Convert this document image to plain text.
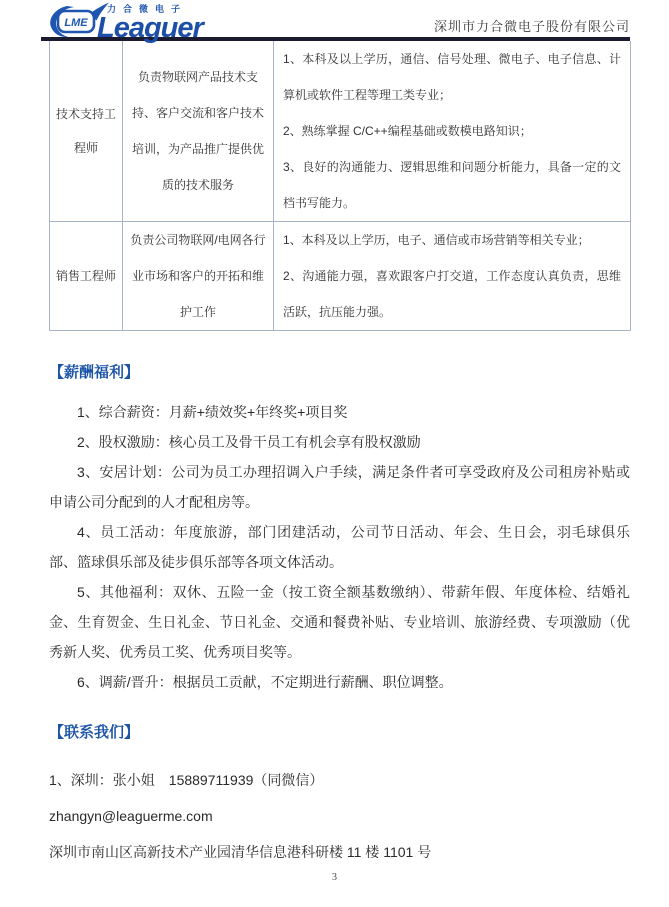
LME
力合微电子
Leaguer	深圳市力合微电子股份有限公司
技术支持工程师	负责物联网产品技术支持、客户交流和客户技术培训，为产品推广提供优质的技术服务	1、本科及以上学历，通信、信号处理、微电子、电子信息、计算机或软件工程等理工类专业；

2、熟练掌握 C/C++编程基础或数模电路知识；

3、良好的沟通能力、逻辑思维和问题分析能力，具备一定的文档书写能力。

销售工程师	负责公司物联网/电网各行业市场和客户的开拓和维护工作	1、本科及以上学历，电子、通信或市场营销等相关专业；

2、沟通能力强，喜欢跟客户打交道，工作态度认真负责，思维活跃，抗压能力强。

【薪酬福利】

1、综合薪资：月薪+绩效奖+年终奖+项目奖

2、股权激励：核心员工及骨干员工有机会享有股权激励

3、安居计划：公司为员工办理招调入户手续，满足条件者可享受政府及公司租房补贴或申请公司分配到的人才配租房等。

4、员工活动：年度旅游，部门团建活动，公司节日活动、年会、生日会，羽毛球俱乐部、篮球俱乐部及徒步俱乐部等各项文体活动。

5、其他福利：双休、五险一金（按工资全额基数缴纳）、带薪年假、年度体检、结婚礼金、生育贺金、生日礼金、节日礼金、交通和餐费补贴、专业培训、旅游经费、专项激励（优秀新人奖、优秀员工奖、优秀项目奖等。

6、调薪/晋升：根据员工贡献，不定期进行薪酬、职位调整。

【联系我们】

1、深圳：张小姐　15889711939（同微信）

zhangyn@leaguerme.com

深圳市南山区高新技术产业园清华信息港科研楼 11 楼 1101 号

3
